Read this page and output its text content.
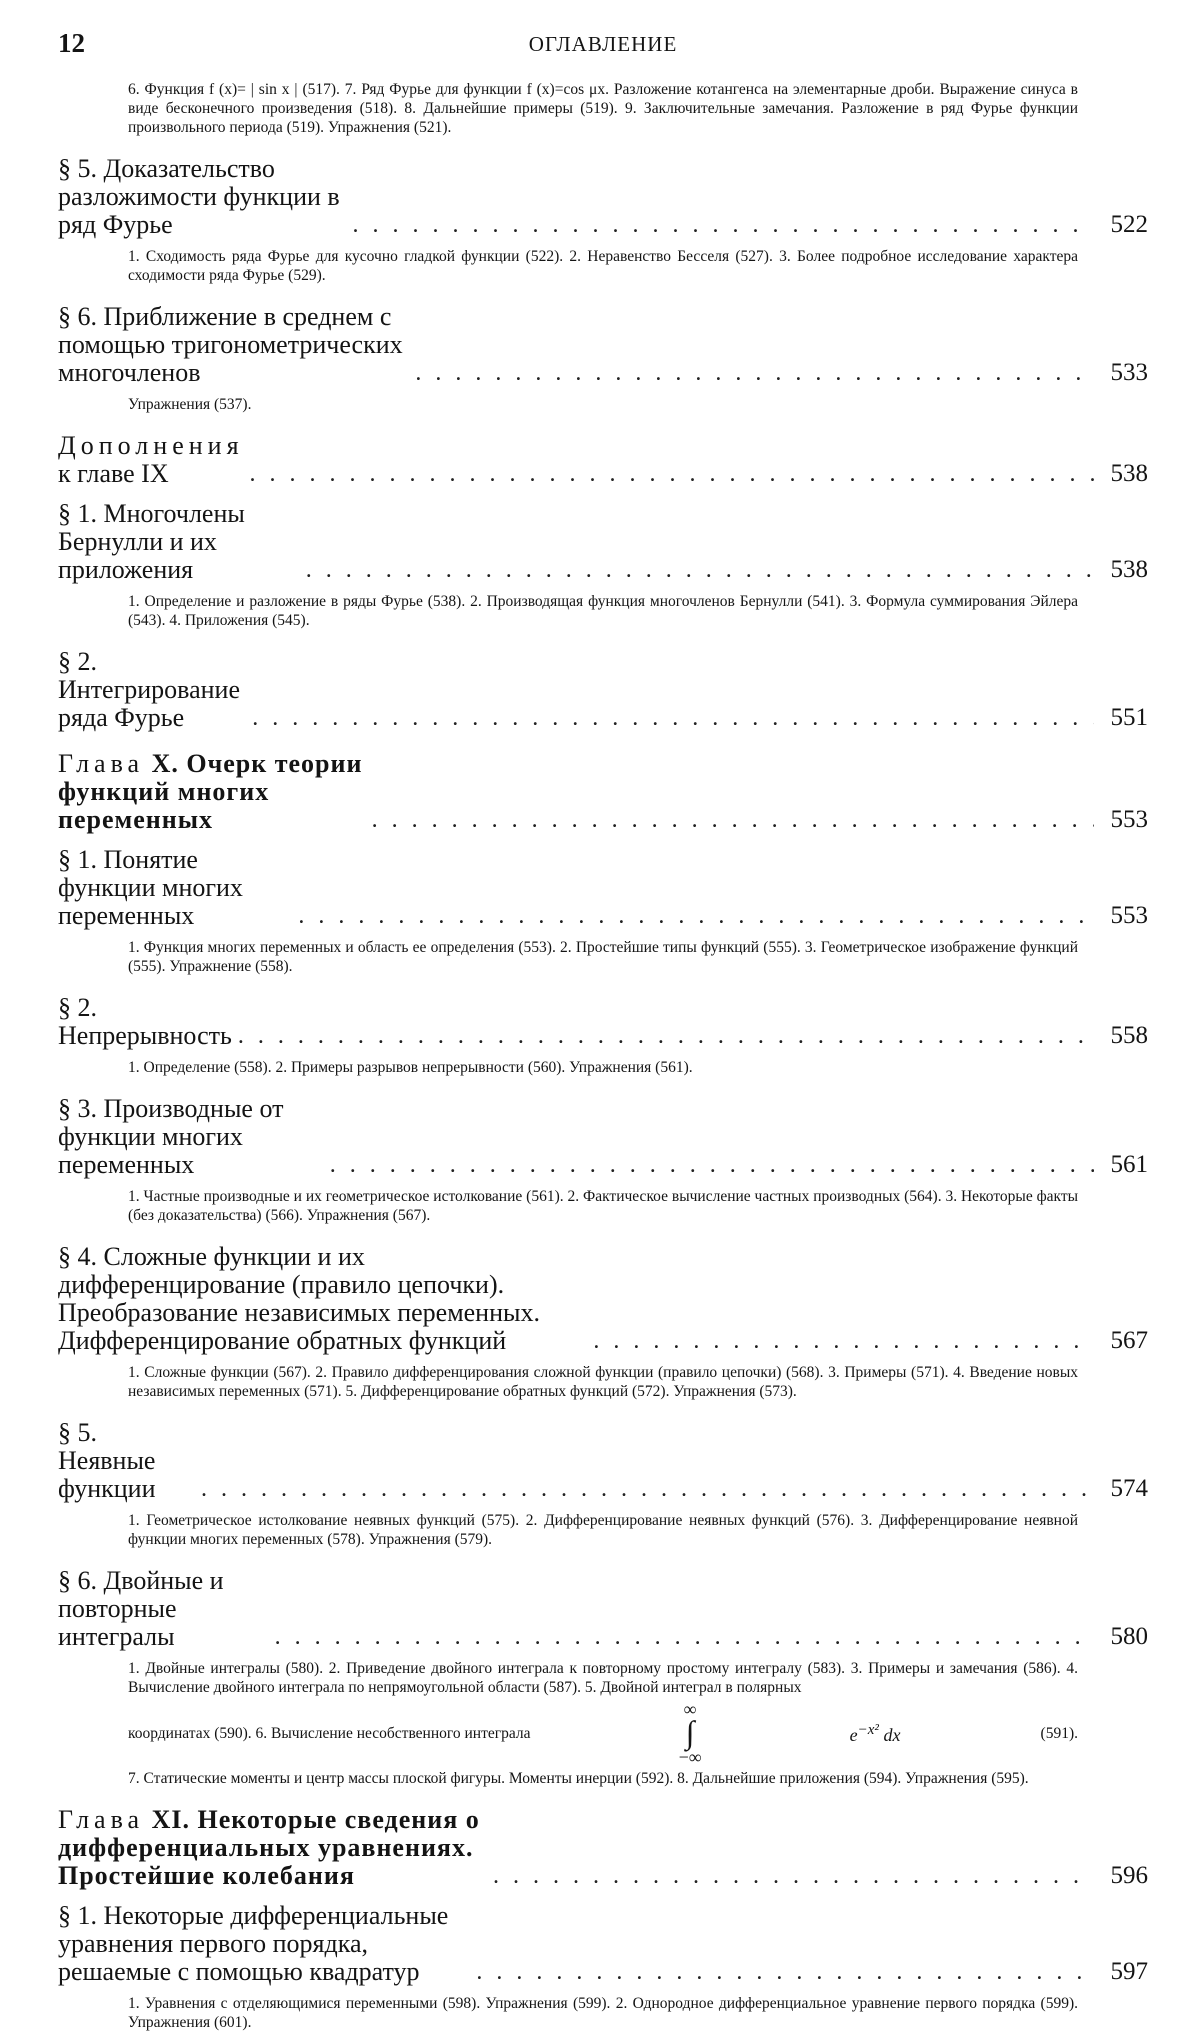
12	ОГЛАВЛЕНИЕ
6. Функция f (x)= | sin x | (517). 7. Ряд Фурье для функции f (x)=cos μx. Разложение котангенса на элементарные дроби. Выражение синуса в виде бесконечного произведения (518). 8. Дальнейшие примеры (519). 9. Заключительные замечания. Разложение в ряд Фурье функции произвольного периода (519). Упражнения (521).
§ 5. Доказательство разложимости функции в ряд Фурье . . .	522
1. Сходимость ряда Фурье для кусочно гладкой функции (522). 2. Неравенство Бесселя (527). 3. Более подробное исследование характера сходимости ряда Фурье (529).
§ 6. Приближение в среднем с помощью тригонометрических многочленов . . .	533
Упражнения (537).
Дополнения к главе IX . . .	538
§ 1. Многочлены Бернулли и их приложения . . .	538
1. Определение и разложение в ряды Фурье (538). 2. Производящая функция многочленов Бернулли (541). 3. Формула суммирования Эйлера (543). 4. Приложения (545).
§ 2. Интегрирование ряда Фурье . . .	551
Глава X. Очерк теории функций многих переменных . . .	553
§ 1. Понятие функции многих переменных . . .	553
1. Функция многих переменных и область ее определения (553). 2. Простейшие типы функций (555). 3. Геометрическое изображение функций (555). Упражнение (558).
§ 2. Непрерывность . . .	558
1. Определение (558). 2. Примеры разрывов непрерывности (560). Упражнения (561).
§ 3. Производные от функции многих переменных . . .	561
1. Частные производные и их геометрическое истолкование (561). 2. Фактическое вычисление частных производных (564). 3. Некоторые факты (без доказательства) (566). Упражнения (567).
§ 4. Сложные функции и их дифференцирование (правило цепочки). Преобразование независимых переменных. Дифференцирование обратных функций . . .	567
1. Сложные функции (567). 2. Правило дифференцирования сложной функции (правило цепочки) (568). 3. Примеры (571). 4. Введение новых независимых переменных (571). 5. Дифференцирование обратных функций (572). Упражнения (573).
§ 5. Неявные функции . . .	574
1. Геометрическое истолкование неявных функций (575). 2. Дифференцирование неявных функций (576). 3. Дифференцирование неявной функции многих переменных (578). Упражнения (579).
§ 6. Двойные и повторные интегралы . . .	580
1. Двойные интегралы (580). 2. Приведение двойного интеграла к повторному простому интегралу (583). 3. Примеры и замечания (586). 4. Вычисление двойного интеграла по непрямоугольной области (587). 5. Двойной интеграл в полярных
координатах (590). 6. Вычисление несобственного интеграла
∞
∫
−∞
$e^{-x^2}$ dx	(591).
7. Статические моменты и центр массы плоской фигуры. Моменты инерции (592). 8. Дальнейшие приложения (594). Упражнения (595).
Глава XI. Некоторые сведения о дифференциальных уравнениях. Простейшие колебания . . .	596
§ 1. Некоторые дифференциальные уравнения первого порядка, решаемые с помощью квадратур . . .	597
1. Уравнения с отделяющимися переменными (598). Упражнения (599). 2. Однородное дифференциальное уравнение первого порядка (599). Упражнения (601).
